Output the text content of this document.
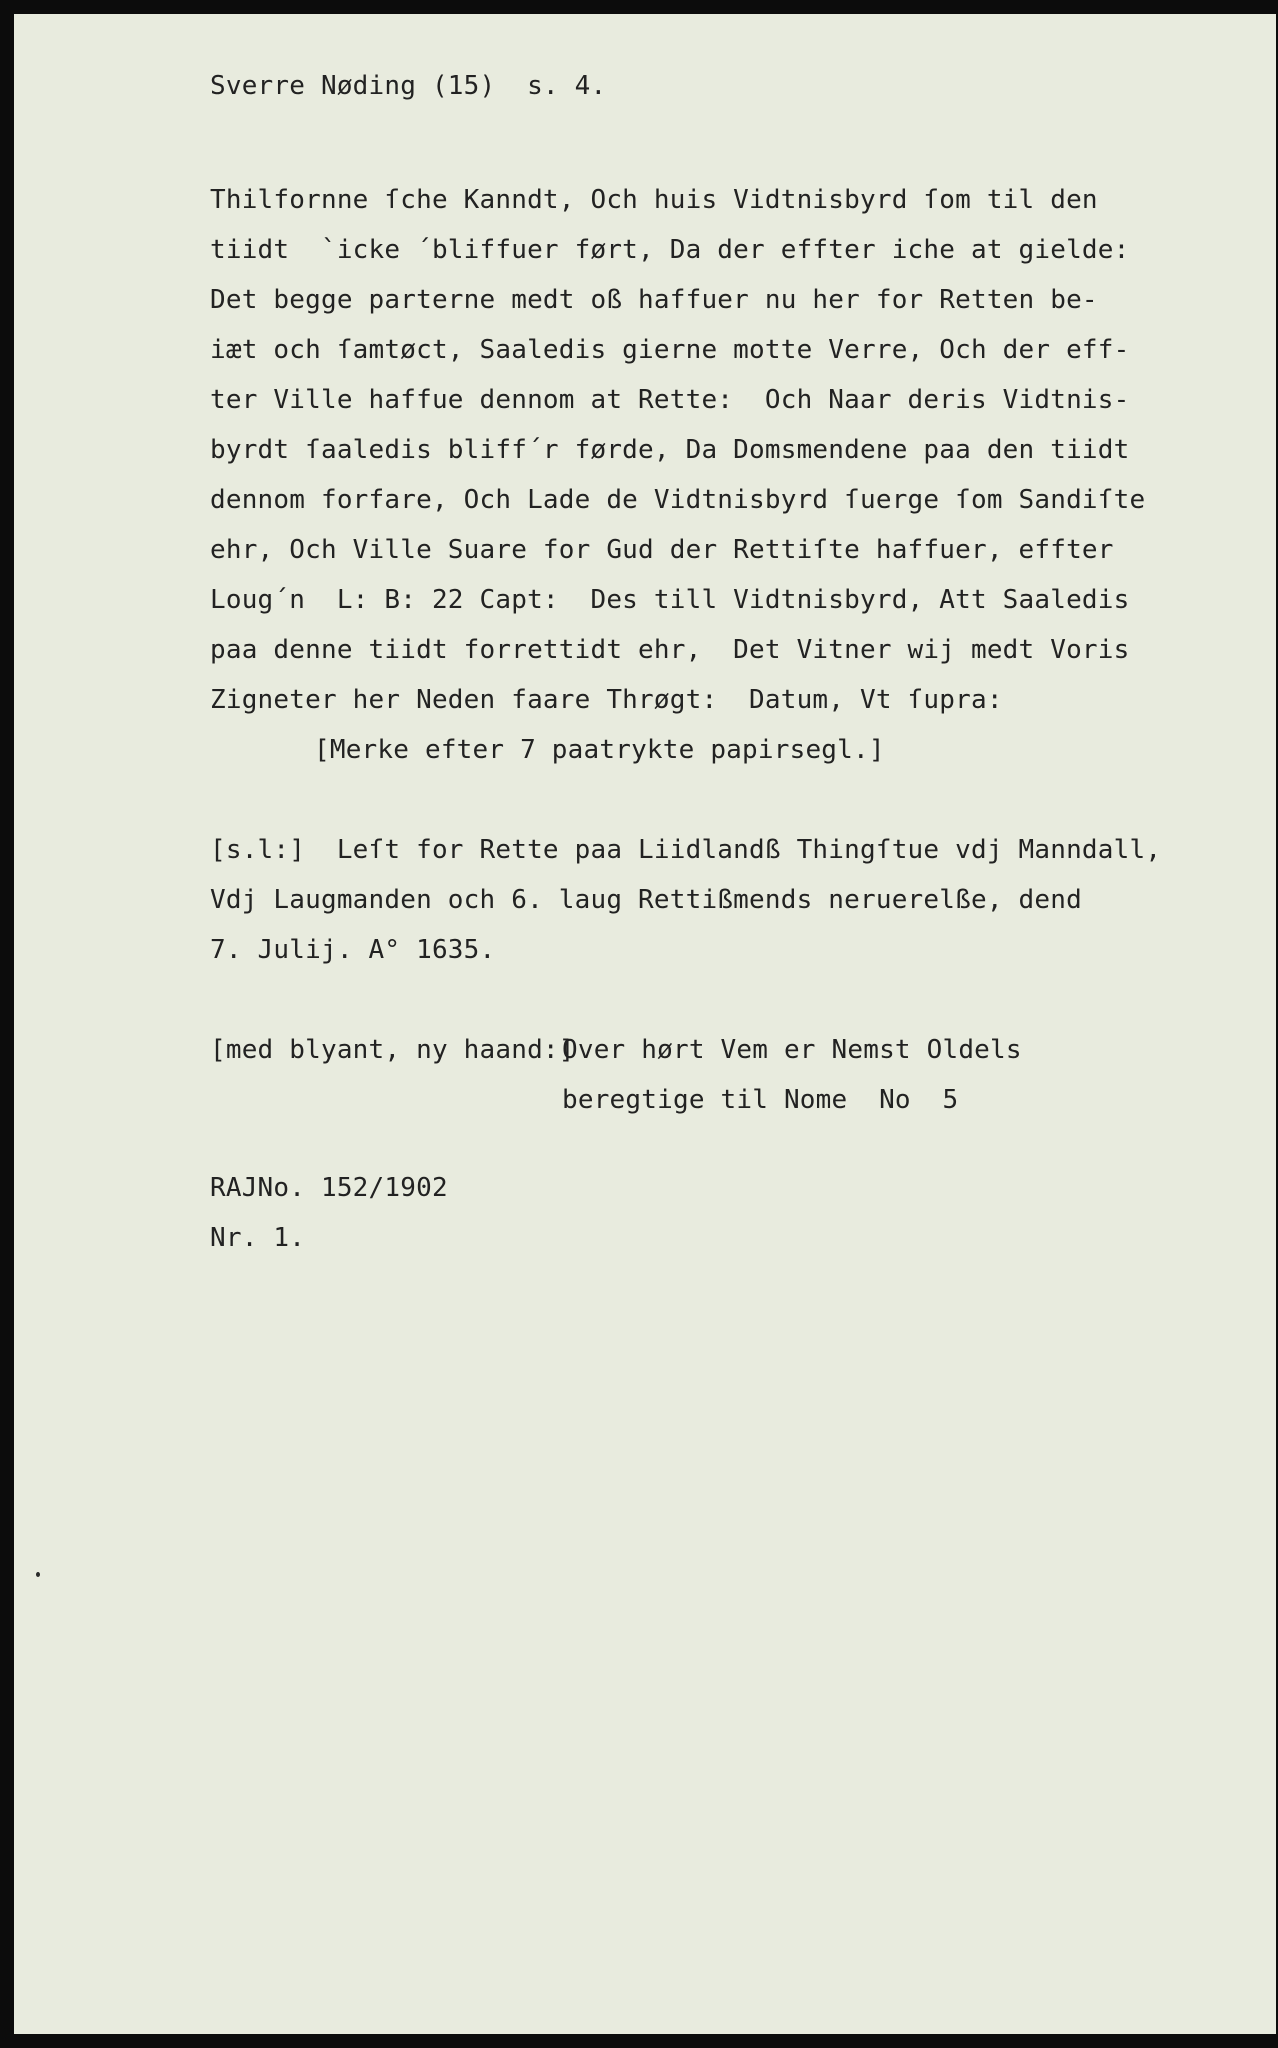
Sverre Nøding (15)  s. 4.
Thilfornne ſche Kanndt, Och huis Vidtnisbyrd ſom til den
tiidt  `icke ´bliffuer ført, Da der effter iche at gielde:
Det begge parterne medt oß haffuer nu her for Retten be-
iæt och ſamtøct, Saaledis gierne motte Verre, Och der eff-
ter Ville haffue dennom at Rette:  Och Naar deris Vidtnis-
byrdt ſaaledis bliff´r førde, Da Domsmendene paa den tiidt
dennom forfare, Och Lade de Vidtnisbyrd ſuerge ſom Sandiſte
ehr, Och Ville Suare for Gud der Rettiſte haffuer, effter
Loug´n  L: B: 22 Capt:  Des till Vidtnisbyrd, Att Saaledis
paa denne tiidt forrettidt ehr,  Det Vitner wij medt Voris
Zigneter her Neden faare Thrøgt:  Datum, Vt ſupra:
[Merke efter 7 paatrykte papirsegl.]
[s.l:]  Leſt for Rette paa Liidlandß Thingſtue vdj Manndall,
Vdj Laugmanden och 6. laug Rettißmends neruerelße, dend
7. Julij. A° 1635.
[med blyant, ny haand:]
Over hørt Vem er Nemst Oldels
beregtige til Nome  No  5
RAJNo. 152/1902
Nr. 1.
